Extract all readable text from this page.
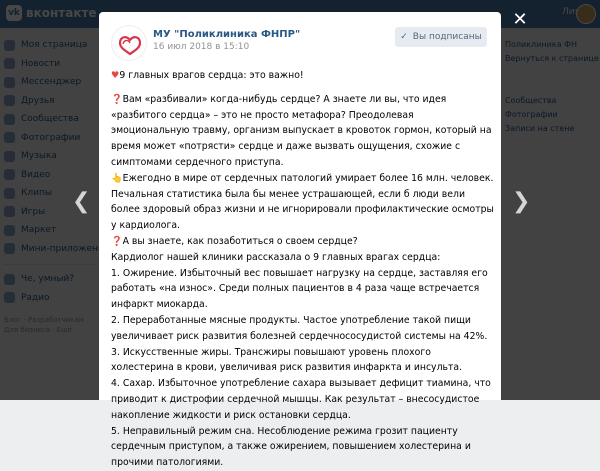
✕
❮	❯
МУ "Поликлиника ФНПР"
16 июл 2018 в 15:10
✓ Вы подписаны

♥9 главных врагов сердца: это важно!

❓Вам «разбивали» когда-нибудь сердце? А знаете ли вы, что идея «разбитого сердца» – это не просто метафора? Преодолевая эмоциональную травму, организм выпускает в кровоток гормон, который на время может «потрясти» сердце и даже вызвать ощущения, схожие с симптомами сердечного приступа.

👆Ежегодно в мире от сердечных патологий умирает более 16 млн. человек. Печальная статистика была бы менее устрашающей, если б люди вели более здоровый образ жизни и не игнорировали профилактические осмотры у кардиолога.

❓А вы знаете, как позаботиться о своем сердце?

Кардиолог нашей клиники рассказала о 9 главных врагах сердца:

1. Ожирение. Избыточный вес повышает нагрузку на сердце, заставляя его работать «на износ». Среди полных пациентов в 4 раза чаще встречается инфаркт миокарда.

2. Переработанные мясные продукты. Частое употребление такой пищи увеличивает риск развития болезней сердечнососудистой системы на 42%.

3. Искусственные жиры. Трансжиры повышают уровень плохого холестерина в крови, увеличивая риск развития инфаркта и инсульта.

4. Сахар. Избыточное употребление сахара вызывает дефицит тиамина, что приводит к дистрофии сердечной мышцы. Как результат – внесосудистое накопление жидкости и риск остановки сердца.

5. Неправильный режим сна. Несоблюдение режима грозит пациенту сердечным приступом, а также ожирением, повышением холестерина и прочими патологиями.
